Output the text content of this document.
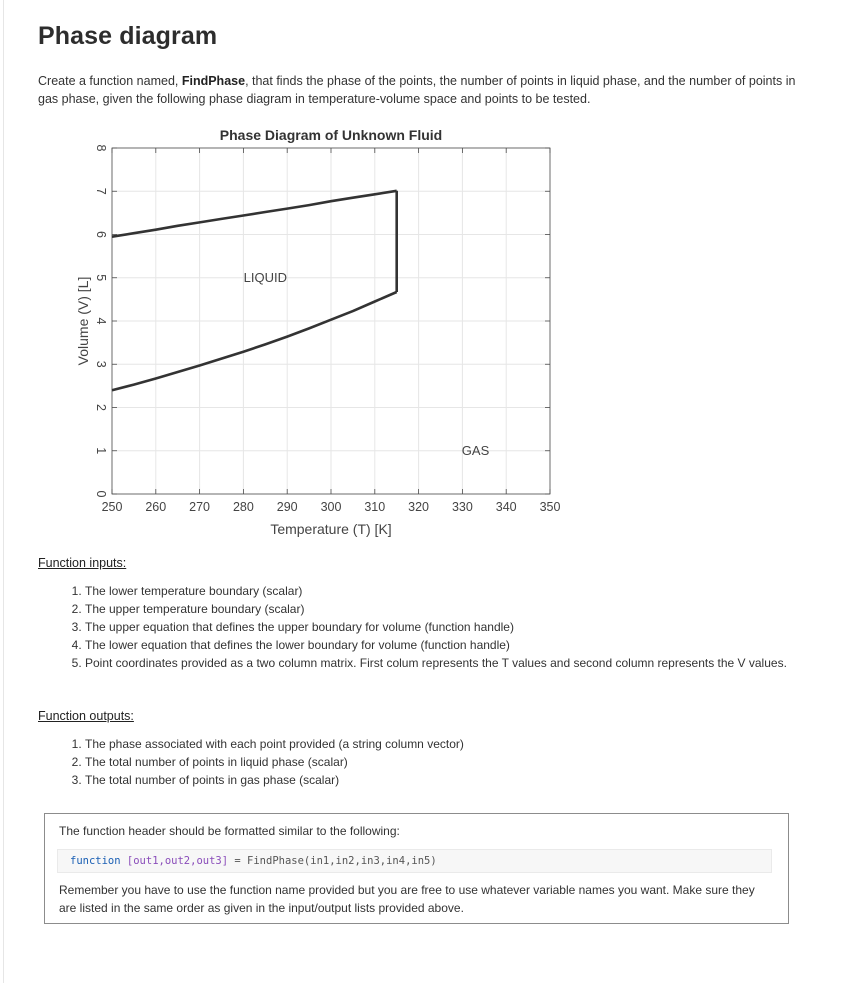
Phase diagram

Create a function named, FindPhase, that finds the phase of the points, the number of points in liquid phase, and the number of points in gas phase, given the following phase diagram in temperature-volume space and points to be tested.

250 260 270 280 290 300 310 320 330 340 350
0
1
2
3
4
5
6
7
8
LIQUID
GAS
Phase Diagram of Unknown Fluid
Temperature (T) [K]
Volume (V) [L]
Function inputs:
1. The lower temperature boundary (scalar)
2. The upper temperature boundary (scalar)
3. The upper equation that defines the upper boundary for volume (function handle)
4. The lower equation that defines the lower boundary for volume (function handle)
5. Point coordinates provided as a two column matrix. First colum represents the T values and second column represents the V values.
Function outputs:
1. The phase associated with each point provided (a string column vector)
2. The total number of points in liquid phase (scalar)
3. The total number of points in gas phase (scalar)

The function header should be formatted similar to the following:

function [out1,out2,out3] = FindPhase(in1,in2,in3,in4,in5)

Remember you have to use the function name provided but you are free to use whatever variable names you want. Make sure they are listed in the same order as given in the input/output lists provided above.
